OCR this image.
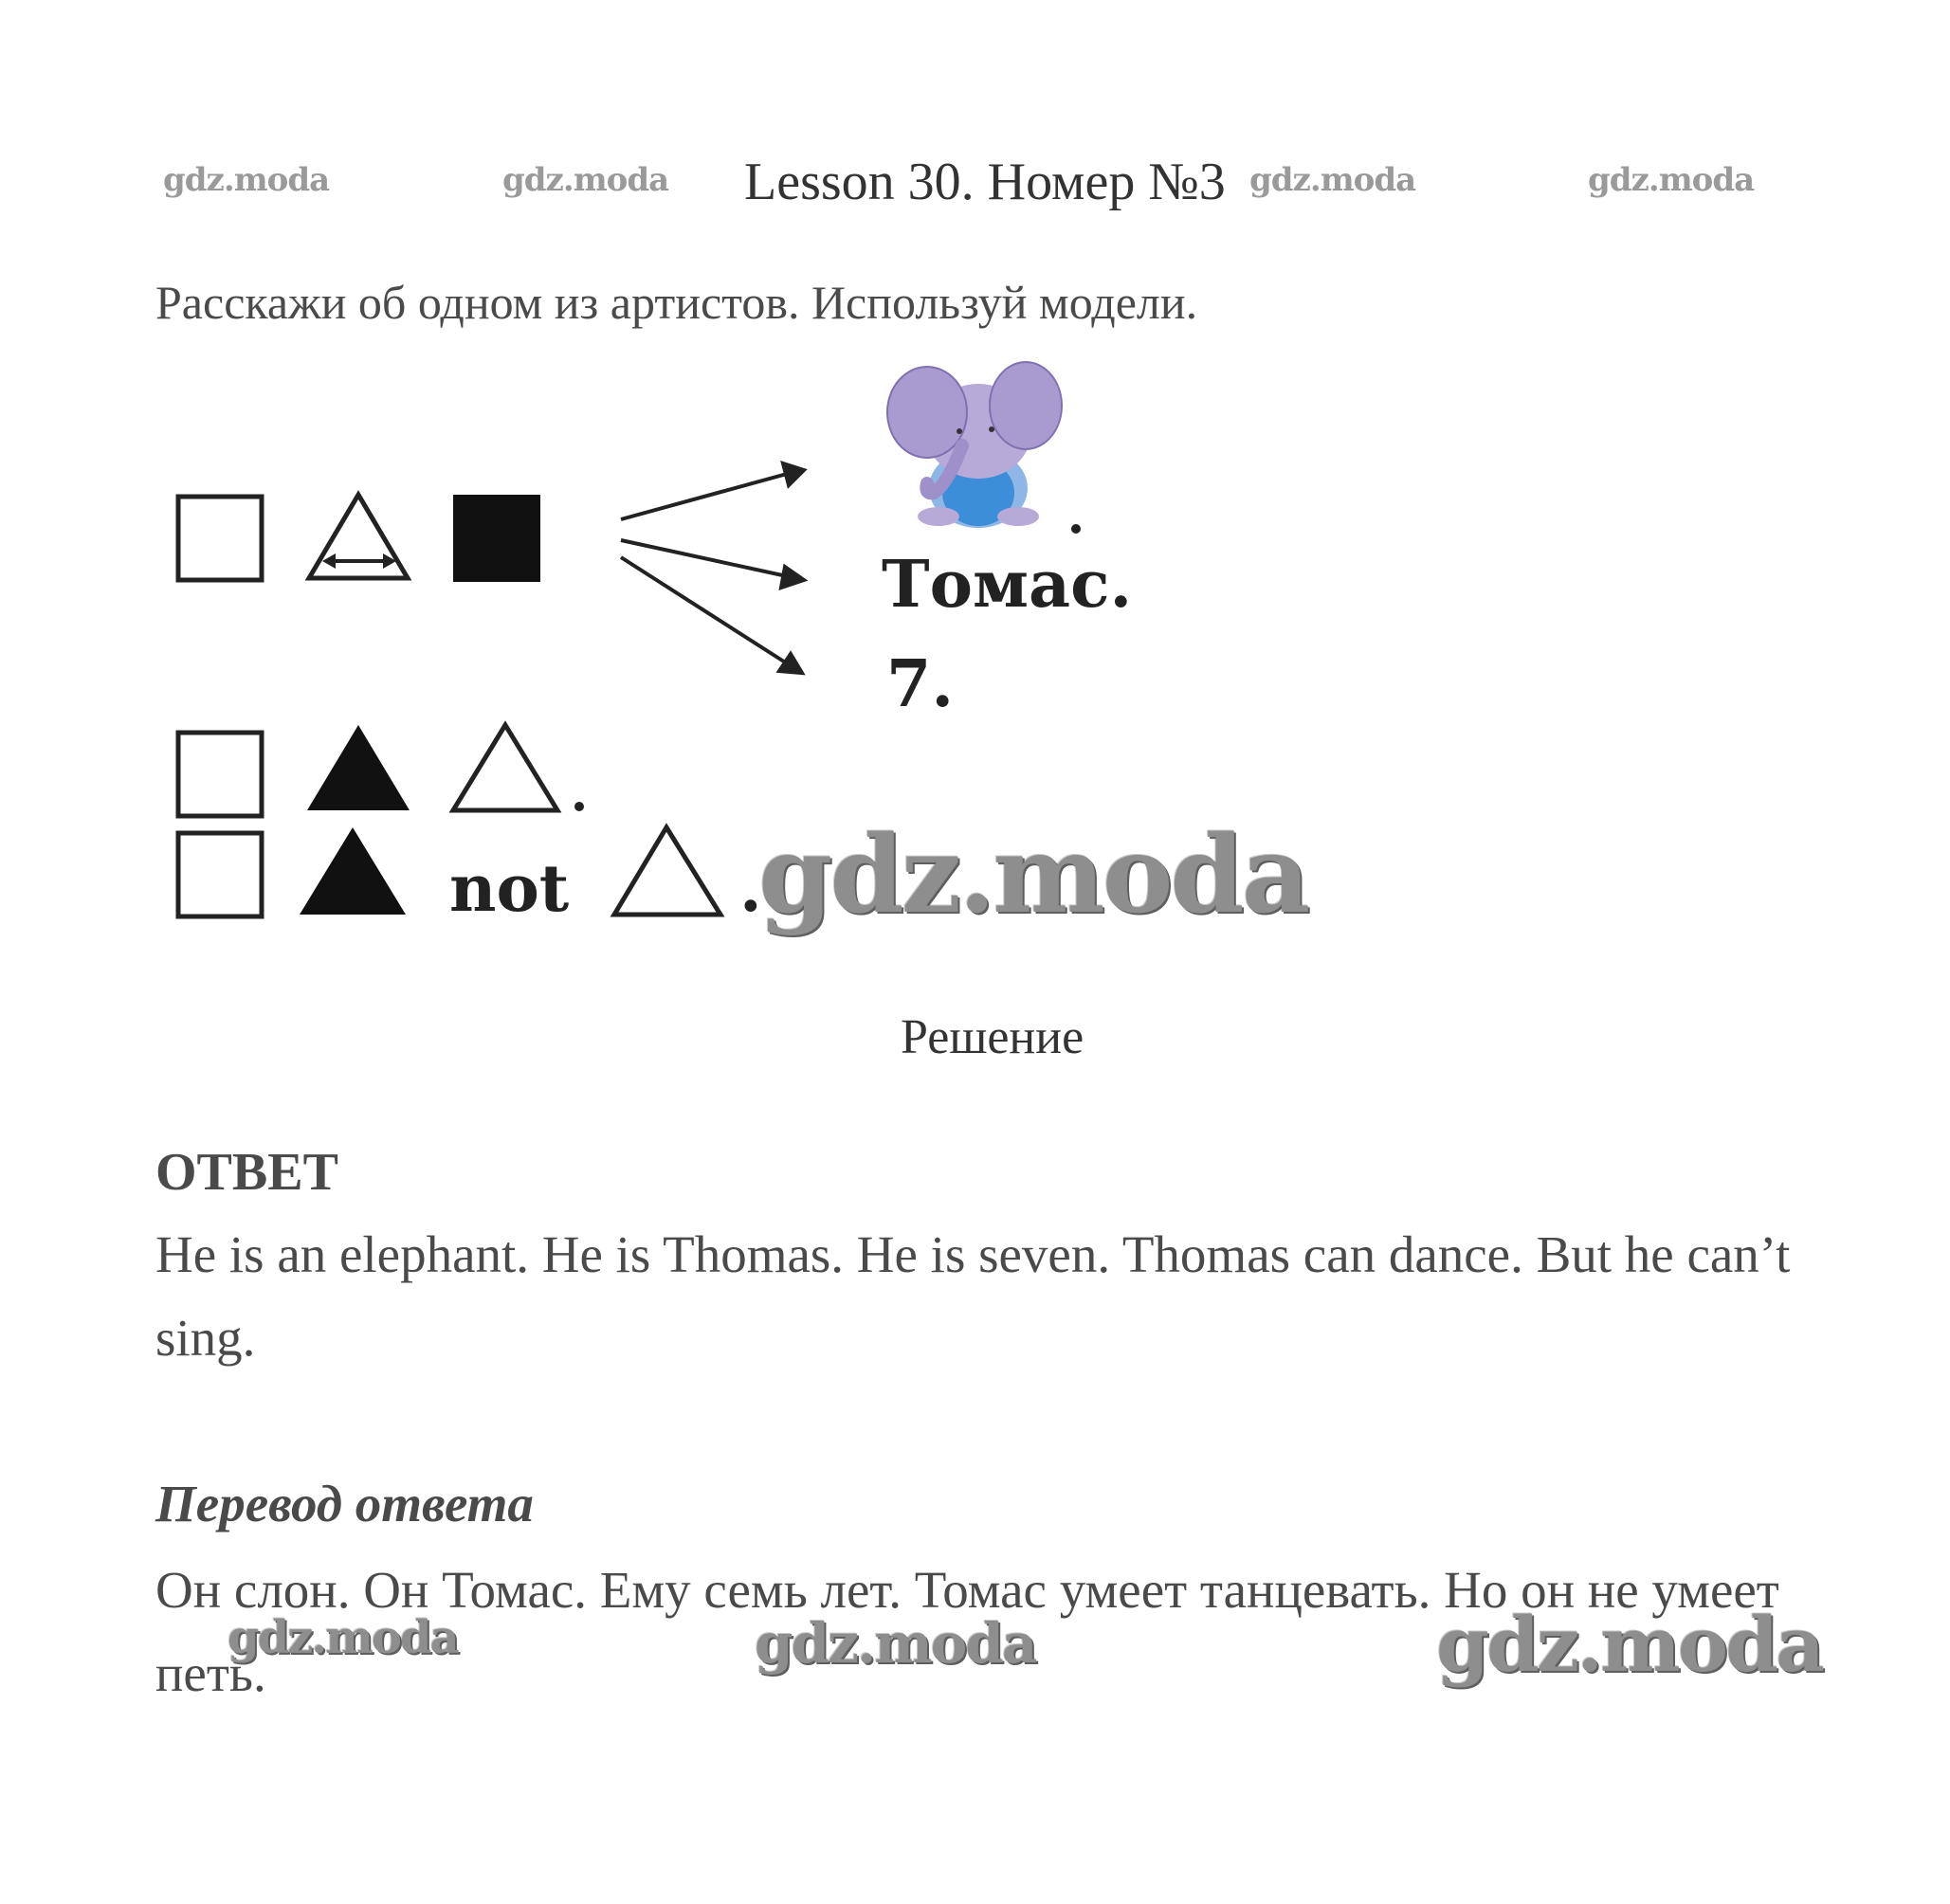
gdz.moda	gdz.moda Lesson 30. Номер №3 gdz.moda	gdz.moda
Расскажи об одном из артистов. Используй модели.
Томас.
7.
not	.
gdz.moda
Решение
ОТВЕТ
He is an elephant. He is Thomas. He is seven. Thomas can dance. But he can’t sing.
Перевод ответа
Он слон. Он Томас. Ему семь лет. Томас умеет танцевать. Но он не умеет петь.
gdz.moda	gdz.moda	gdz.moda
